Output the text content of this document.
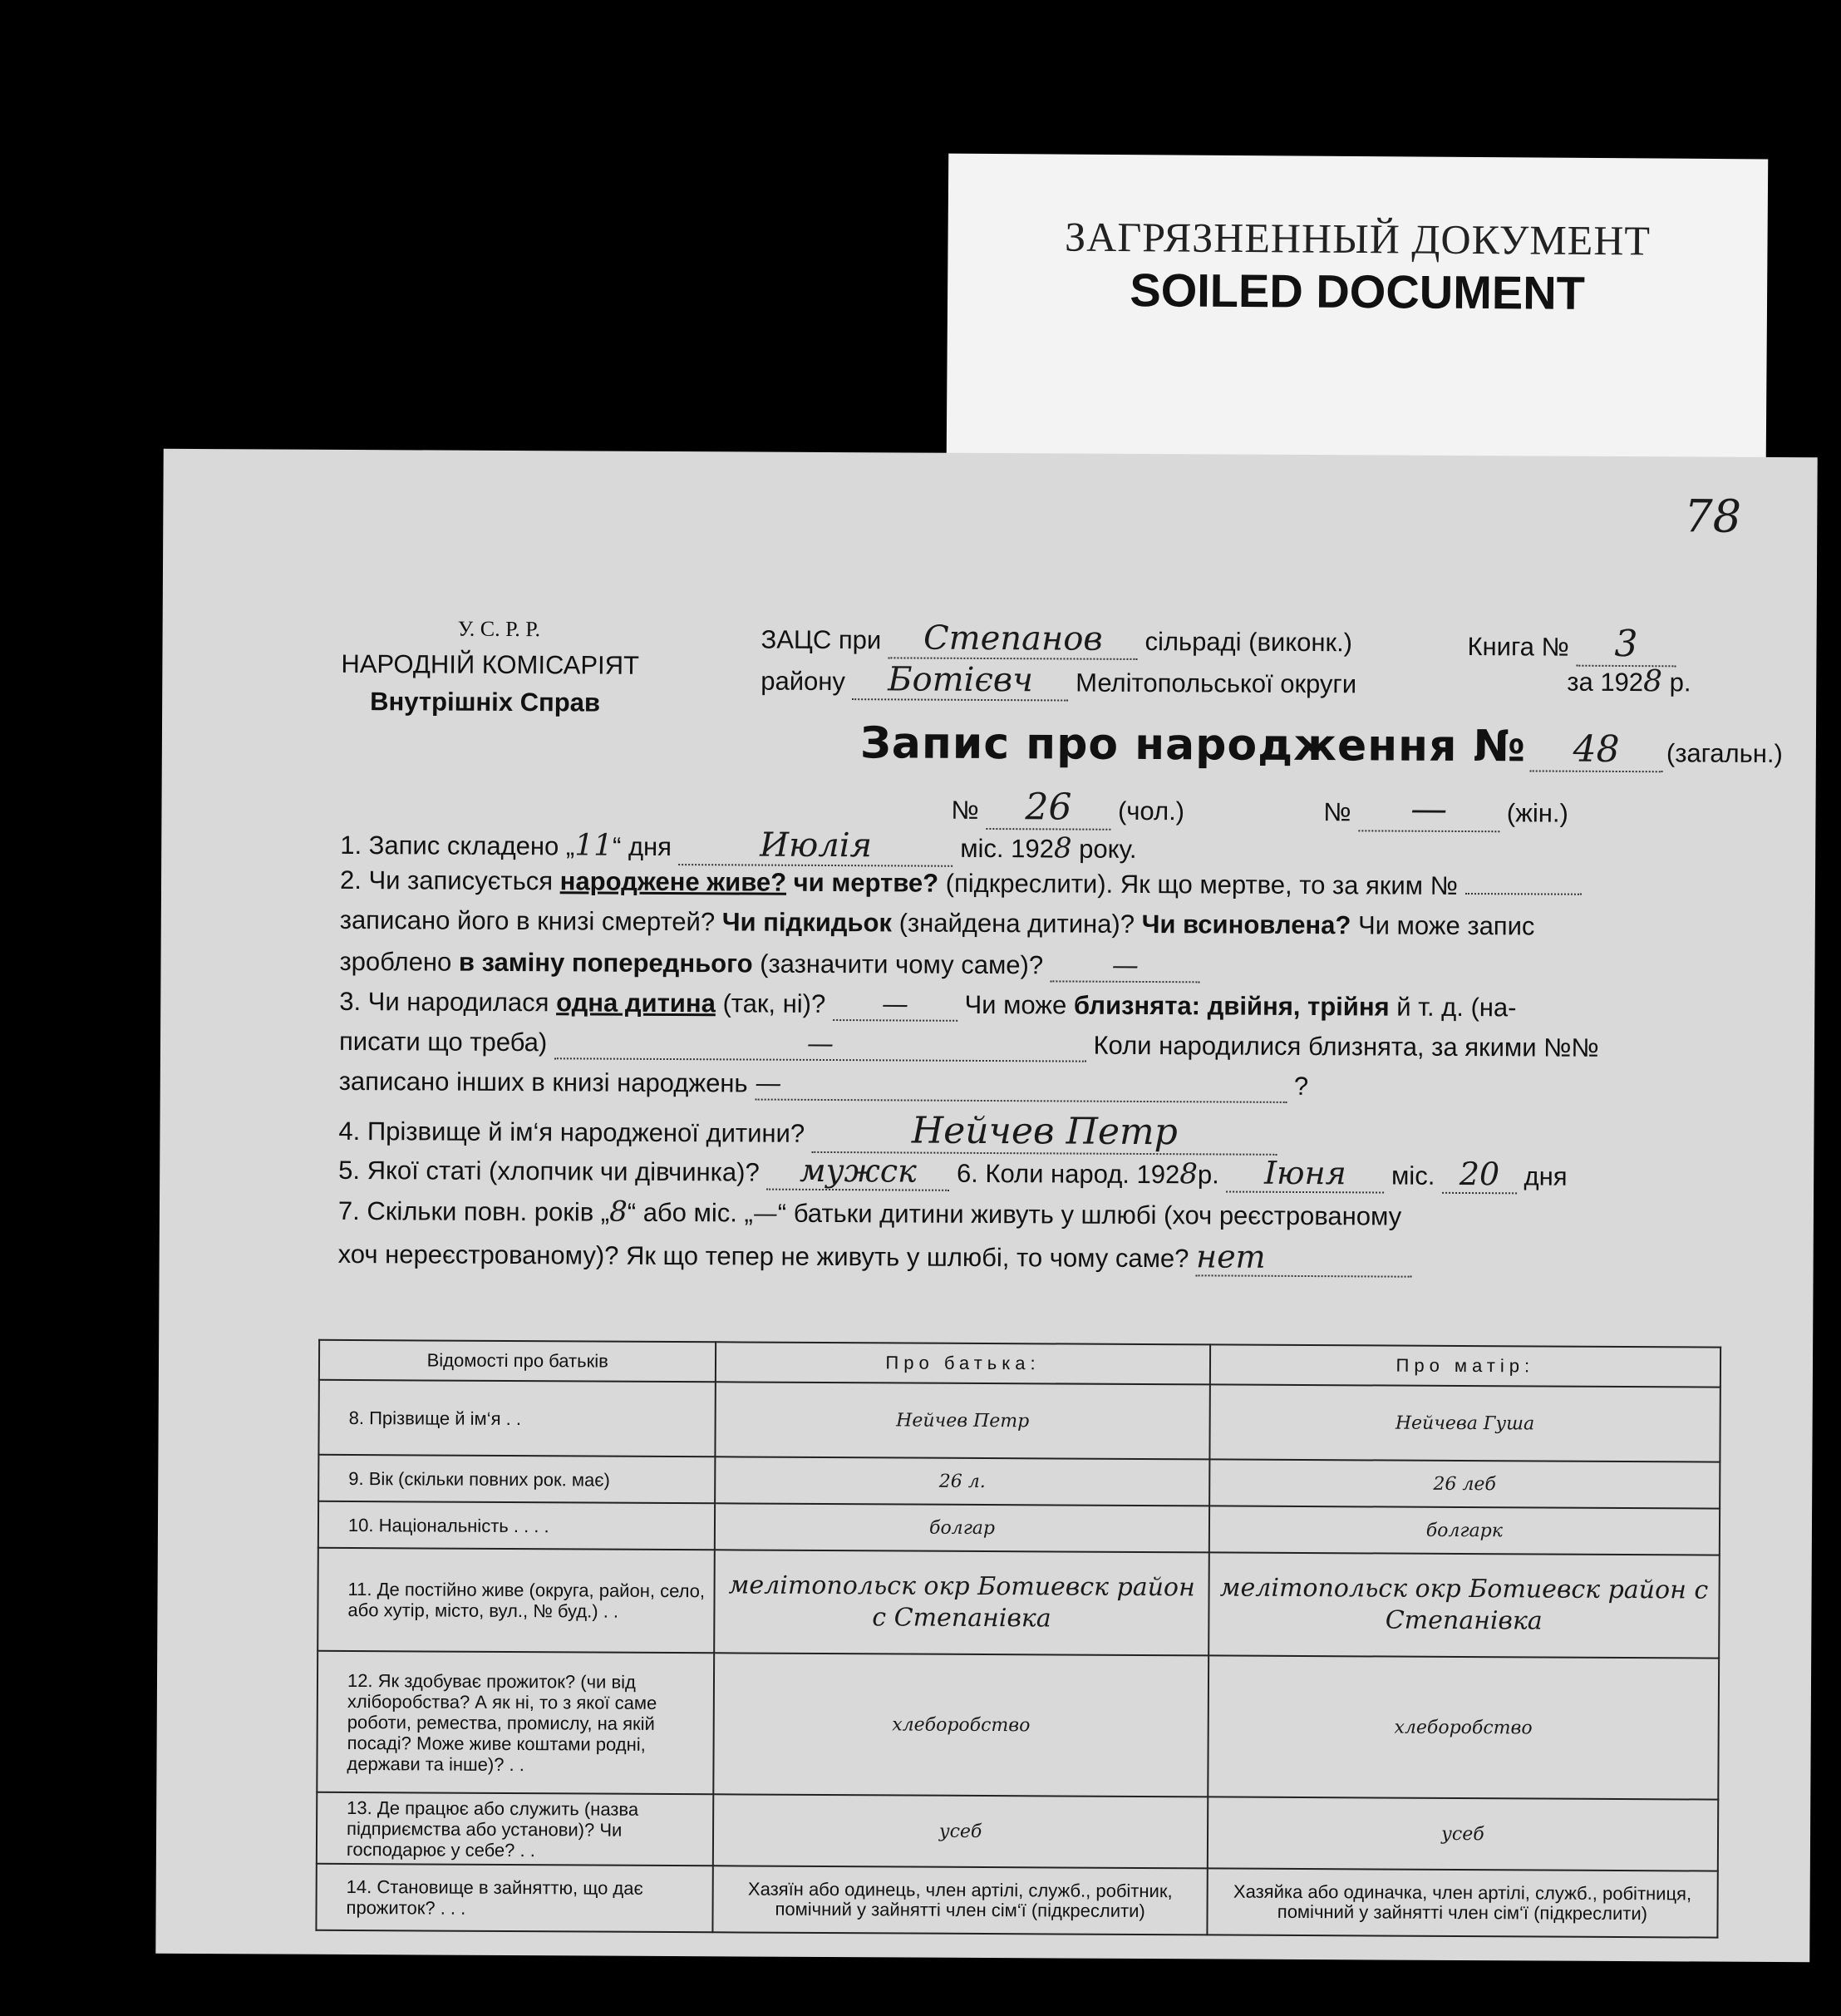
ЗАГРЯЗНЕННЫЙ ДОКУМЕНТ
SOILED DOCUMENT
78
У. С. Р. Р.
НАРОДНІЙ КОМІСАРІЯТ
Внутрішніх Справ
ЗАЦС при Степанов сільраді (виконк.)	Книга № 3
району Ботієвч Мелітопольської округи	за 1928 р.
Запис про народження № 48 (загальн.)
№ 26 (чол.)	№ — (жін.)
1. Запис складено „11“ дня	Июлія	міс. 1928 року.
2. Чи записується народжене живе? чи мертве? (підкреслити). Як що мертве, то за яким №
записано його в книзі смертей? Чи підкидьок (знайдена дитина)? Чи всиновлена? Чи може запис
зроблено в заміну попереднього (зазначити чому саме)?	—
3. Чи народилася одна дитина (так, ні)? — Чи може близнята: двійня, трійня й т. д. (на-
писати що треба)	—	Коли народилися близнята, за якими №№
записано інших в книзі народжень —	?
4. Прізвище й ім‘я народженої дитини?	Нейчев Петр
5. Якої статі (хлопчик чи дівчинка)? мужск 6. Коли народ. 1928р. Іюня міс. 20 дня
7. Скільки повн. років „8“ або міс. „—“ батьки дитини живуть у шлюбі (хоч реєстрованому
хоч нереєстрованому)? Як що тепер не живуть у шлюбі, то чому саме? нет
Відомості про батьків	Про батька:	Про матір:
8. Прізвище й ім‘я . .	Нейчев Петр	Нейчева Гуша
9. Вік (скільки повних рок. має)	26 л.	26 леб
10. Національність . . . .	болгар	болгарк
11. Де постійно живе (округа, район, село, або хутір, місто, вул., № буд.) . .	мелітопольск окр Ботиевск район с Степанівка	мелітопольск окр Ботиевск район с Степанівка
12. Як здобуває прожиток? (чи від хліборобства? А як ні, то з якої саме роботи, ремества, промислу, на якій посаді? Може живе коштами родні, держави та інше)? . .	хлеборобство	хлеборобство
13. Де працює або служить (назва підприємства або установи)? Чи господарює у себе? . .	усеб	усеб
14. Становище в зайняттю, що дає прожиток? . . .	Хазяїн або одинець, член артілі, служб., робітник, помічний у зайнятті член сім‘ї (підкреслити)	Хазяйка або одиначка, член артілі, служб., робітниця, помічний у зайнятті член сім‘ї (підкреслити)
